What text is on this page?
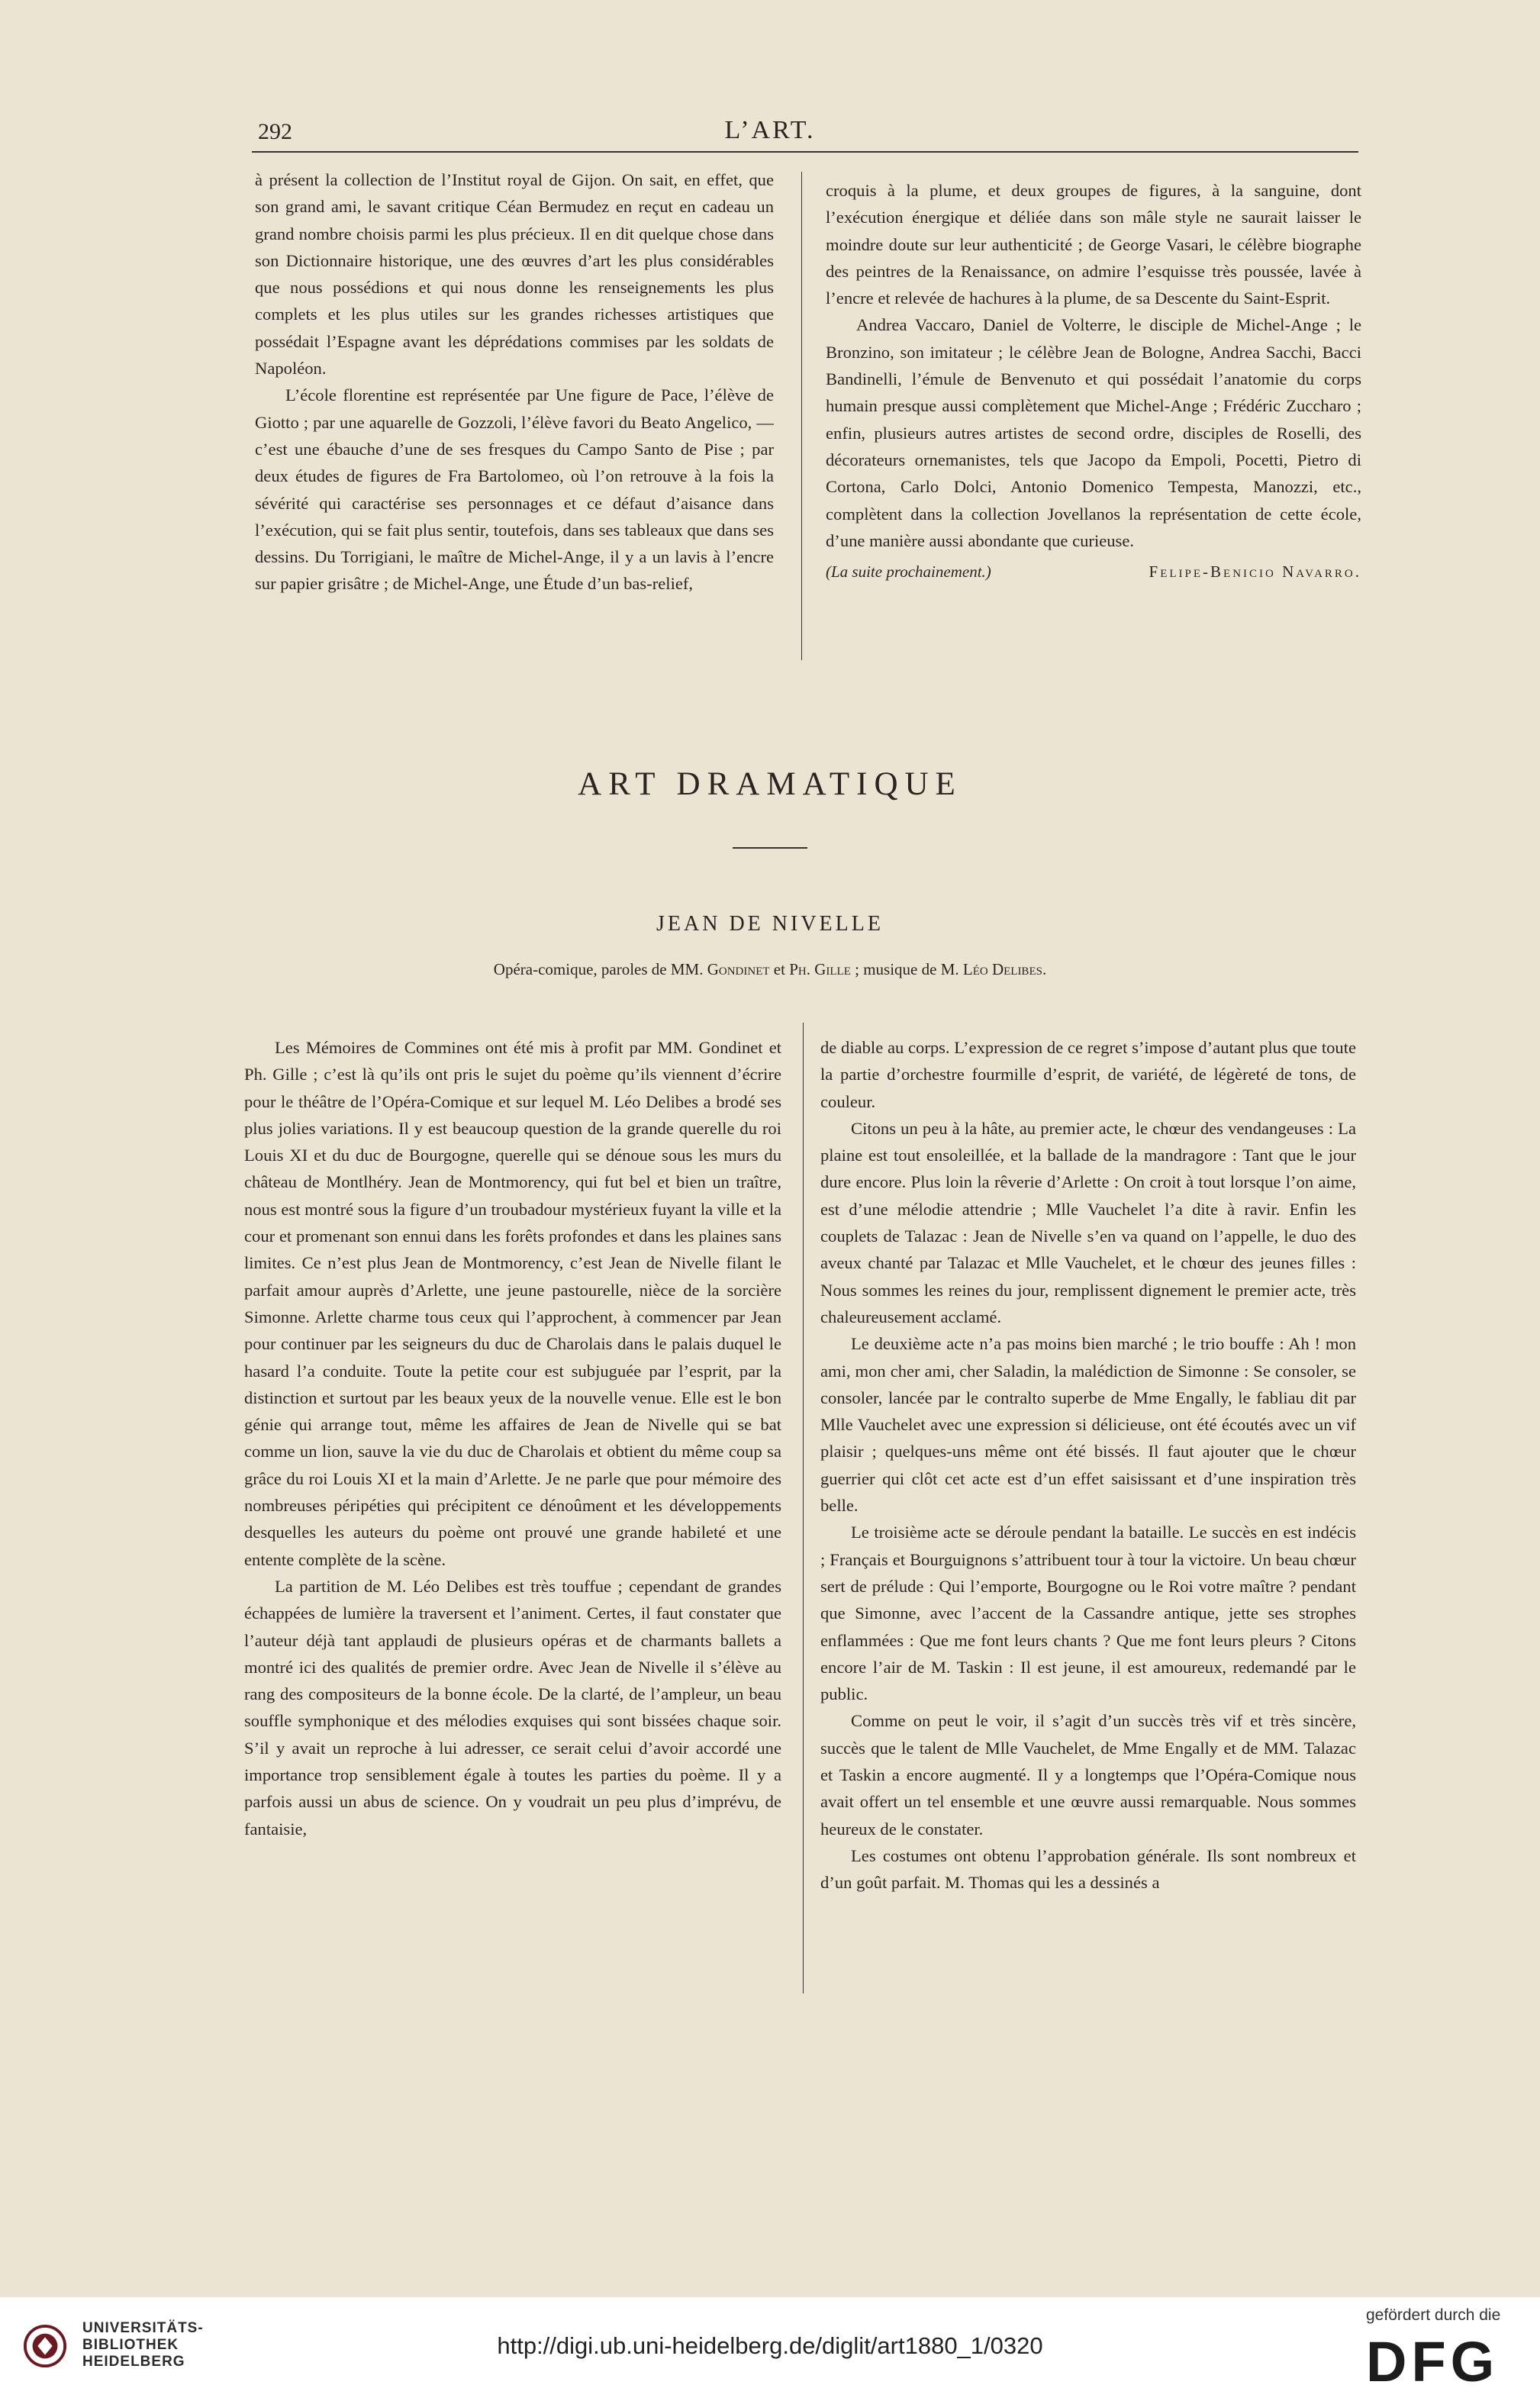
292	L’ART.

à présent la collection de l’Institut royal de Gijon. On sait, en effet, que son grand ami, le savant critique Céan Bermudez en reçut en cadeau un grand nombre choisis parmi les plus précieux. Il en dit quelque chose dans son Dictionnaire historique, une des œuvres d’art les plus considérables que nous possédions et qui nous donne les renseignements les plus complets et les plus utiles sur les grandes richesses artistiques que possédait l’Espagne avant les déprédations commises par les soldats de Napoléon.

L’école florentine est représentée par Une figure de Pace, l’élève de Giotto ; par une aquarelle de Gozzoli, l’élève favori du Beato Angelico, — c’est une ébauche d’une de ses fresques du Campo Santo de Pise ; par deux études de figures de Fra Bartolomeo, où l’on retrouve à la fois la sévérité qui caractérise ses personnages et ce défaut d’aisance dans l’exécution, qui se fait plus sentir, toutefois, dans ses tableaux que dans ses dessins. Du Torrigiani, le maître de Michel-Ange, il y a un lavis à l’encre sur papier grisâtre ; de Michel-Ange, une Étude d’un bas-relief,

croquis à la plume, et deux groupes de figures, à la sanguine, dont l’exécution énergique et déliée dans son mâle style ne saurait laisser le moindre doute sur leur authenticité ; de George Vasari, le célèbre biographe des peintres de la Renaissance, on admire l’esquisse très poussée, lavée à l’encre et relevée de hachures à la plume, de sa Descente du Saint-Esprit.

Andrea Vaccaro, Daniel de Volterre, le disciple de Michel-Ange ; le Bronzino, son imitateur ; le célèbre Jean de Bologne, Andrea Sacchi, Bacci Bandinelli, l’émule de Benvenuto et qui possédait l’anatomie du corps humain presque aussi complètement que Michel-Ange ; Frédéric Zuccharo ; enfin, plusieurs autres artistes de second ordre, disciples de Roselli, des décorateurs ornemanistes, tels que Jacopo da Empoli, Pocetti, Pietro di Cortona, Carlo Dolci, Antonio Domenico Tempesta, Manozzi, etc., complètent dans la collection Jovellanos la représentation de cette école, d’une manière aussi abondante que curieuse.

(La suite prochainement.)	Felipe-Benicio Navarro.
ART DRAMATIQUE
JEAN DE NIVELLE
Opéra-comique, paroles de MM. Gondinet et Ph. Gille ; musique de M. Léo Delibes.

Les Mémoires de Commines ont été mis à profit par MM. Gondinet et Ph. Gille ; c’est là qu’ils ont pris le sujet du poème qu’ils viennent d’écrire pour le théâtre de l’Opéra-Comique et sur lequel M. Léo Delibes a brodé ses plus jolies variations. Il y est beaucoup question de la grande querelle du roi Louis XI et du duc de Bourgogne, querelle qui se dénoue sous les murs du château de Montlhéry. Jean de Montmorency, qui fut bel et bien un traître, nous est montré sous la figure d’un troubadour mystérieux fuyant la ville et la cour et promenant son ennui dans les forêts profondes et dans les plaines sans limites. Ce n’est plus Jean de Montmorency, c’est Jean de Nivelle filant le parfait amour auprès d’Arlette, une jeune pastourelle, nièce de la sorcière Simonne. Arlette charme tous ceux qui l’approchent, à commencer par Jean pour continuer par les seigneurs du duc de Charolais dans le palais duquel le hasard l’a conduite. Toute la petite cour est subjuguée par l’esprit, par la distinction et surtout par les beaux yeux de la nouvelle venue. Elle est le bon génie qui arrange tout, même les affaires de Jean de Nivelle qui se bat comme un lion, sauve la vie du duc de Charolais et obtient du même coup sa grâce du roi Louis XI et la main d’Arlette. Je ne parle que pour mémoire des nombreuses péripéties qui précipitent ce dénoûment et les développements desquelles les auteurs du poème ont prouvé une grande habileté et une entente complète de la scène.

La partition de M. Léo Delibes est très touffue ; cependant de grandes échappées de lumière la traversent et l’animent. Certes, il faut constater que l’auteur déjà tant applaudi de plusieurs opéras et de charmants ballets a montré ici des qualités de premier ordre. Avec Jean de Nivelle il s’élève au rang des compositeurs de la bonne école. De la clarté, de l’ampleur, un beau souffle symphonique et des mélodies exquises qui sont bissées chaque soir. S’il y avait un reproche à lui adresser, ce serait celui d’avoir accordé une importance trop sensiblement égale à toutes les parties du poème. Il y a parfois aussi un abus de science. On y voudrait un peu plus d’imprévu, de fantaisie,

de diable au corps. L’expression de ce regret s’impose d’autant plus que toute la partie d’orchestre fourmille d’esprit, de variété, de légèreté de tons, de couleur.

Citons un peu à la hâte, au premier acte, le chœur des vendangeuses : La plaine est tout ensoleillée, et la ballade de la mandragore : Tant que le jour dure encore. Plus loin la rêverie d’Arlette : On croit à tout lorsque l’on aime, est d’une mélodie attendrie ; Mlle Vauchelet l’a dite à ravir. Enfin les couplets de Talazac : Jean de Nivelle s’en va quand on l’appelle, le duo des aveux chanté par Talazac et Mlle Vauchelet, et le chœur des jeunes filles : Nous sommes les reines du jour, remplissent dignement le premier acte, très chaleureusement acclamé.

Le deuxième acte n’a pas moins bien marché ; le trio bouffe : Ah ! mon ami, mon cher ami, cher Saladin, la malédiction de Simonne : Se consoler, se consoler, lancée par le contralto superbe de Mme Engally, le fabliau dit par Mlle Vauchelet avec une expression si délicieuse, ont été écoutés avec un vif plaisir ; quelques-uns même ont été bissés. Il faut ajouter que le chœur guerrier qui clôt cet acte est d’un effet saisissant et d’une inspiration très belle.

Le troisième acte se déroule pendant la bataille. Le succès en est indécis ; Français et Bourguignons s’attribuent tour à tour la victoire. Un beau chœur sert de prélude : Qui l’emporte, Bourgogne ou le Roi votre maître ? pendant que Simonne, avec l’accent de la Cassandre antique, jette ses strophes enflammées : Que me font leurs chants ? Que me font leurs pleurs ? Citons encore l’air de M. Taskin : Il est jeune, il est amoureux, redemandé par le public.

Comme on peut le voir, il s’agit d’un succès très vif et très sincère, succès que le talent de Mlle Vauchelet, de Mme Engally et de MM. Talazac et Taskin a encore augmenté. Il y a longtemps que l’Opéra-Comique nous avait offert un tel ensemble et une œuvre aussi remarquable. Nous sommes heureux de le constater.

Les costumes ont obtenu l’approbation générale. Ils sont nombreux et d’un goût parfait. M. Thomas qui les a dessinés a

UNIVERSITÄTS-
BIBLIOTHEK
HEIDELBERG
http://digi.ub.uni-heidelberg.de/diglit/art1880_1/0320
gefördert durch die
DFG
